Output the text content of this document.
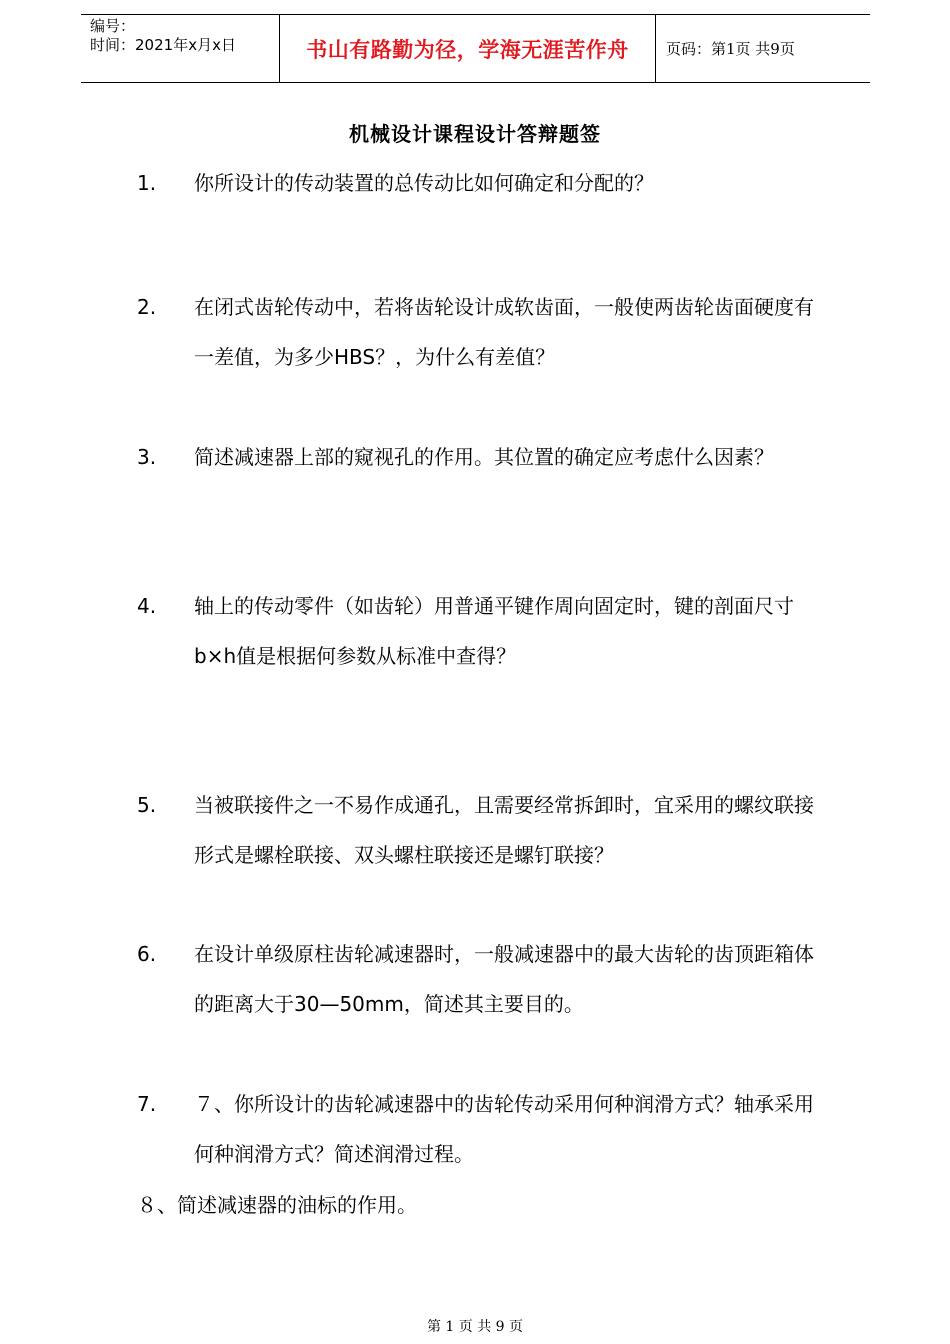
编号：
时间：2021年x月x日	书山有路勤为径，学海无涯苦作舟	页码：第1页 共9页
机械设计课程设计答辩题签
1. 你所设计的传动装置的总传动比如何确定和分配的？
2. 在闭式齿轮传动中，若将齿轮设计成软齿面，一般使两齿轮齿面硬度有一差值，为多少HBS？，为什么有差值？
3. 简述减速器上部的窥视孔的作用。其位置的确定应考虑什么因素？
4. 轴上的传动零件（如齿轮）用普通平键作周向固定时，键的剖面尺寸b×h值是根据何参数从标准中查得？
5. 当被联接件之一不易作成通孔，且需要经常拆卸时，宜采用的螺纹联接形式是螺栓联接、双头螺柱联接还是螺钉联接？
6. 在设计单级原柱齿轮减速器时，一般减速器中的最大齿轮的齿顶距箱体的距离大于30—50mm，简述其主要目的。
7. ７、你所设计的齿轮减速器中的齿轮传动采用何种润滑方式？轴承采用何种润滑方式？简述润滑过程。
８、简述减速器的油标的作用。
第 1 页 共 9 页
